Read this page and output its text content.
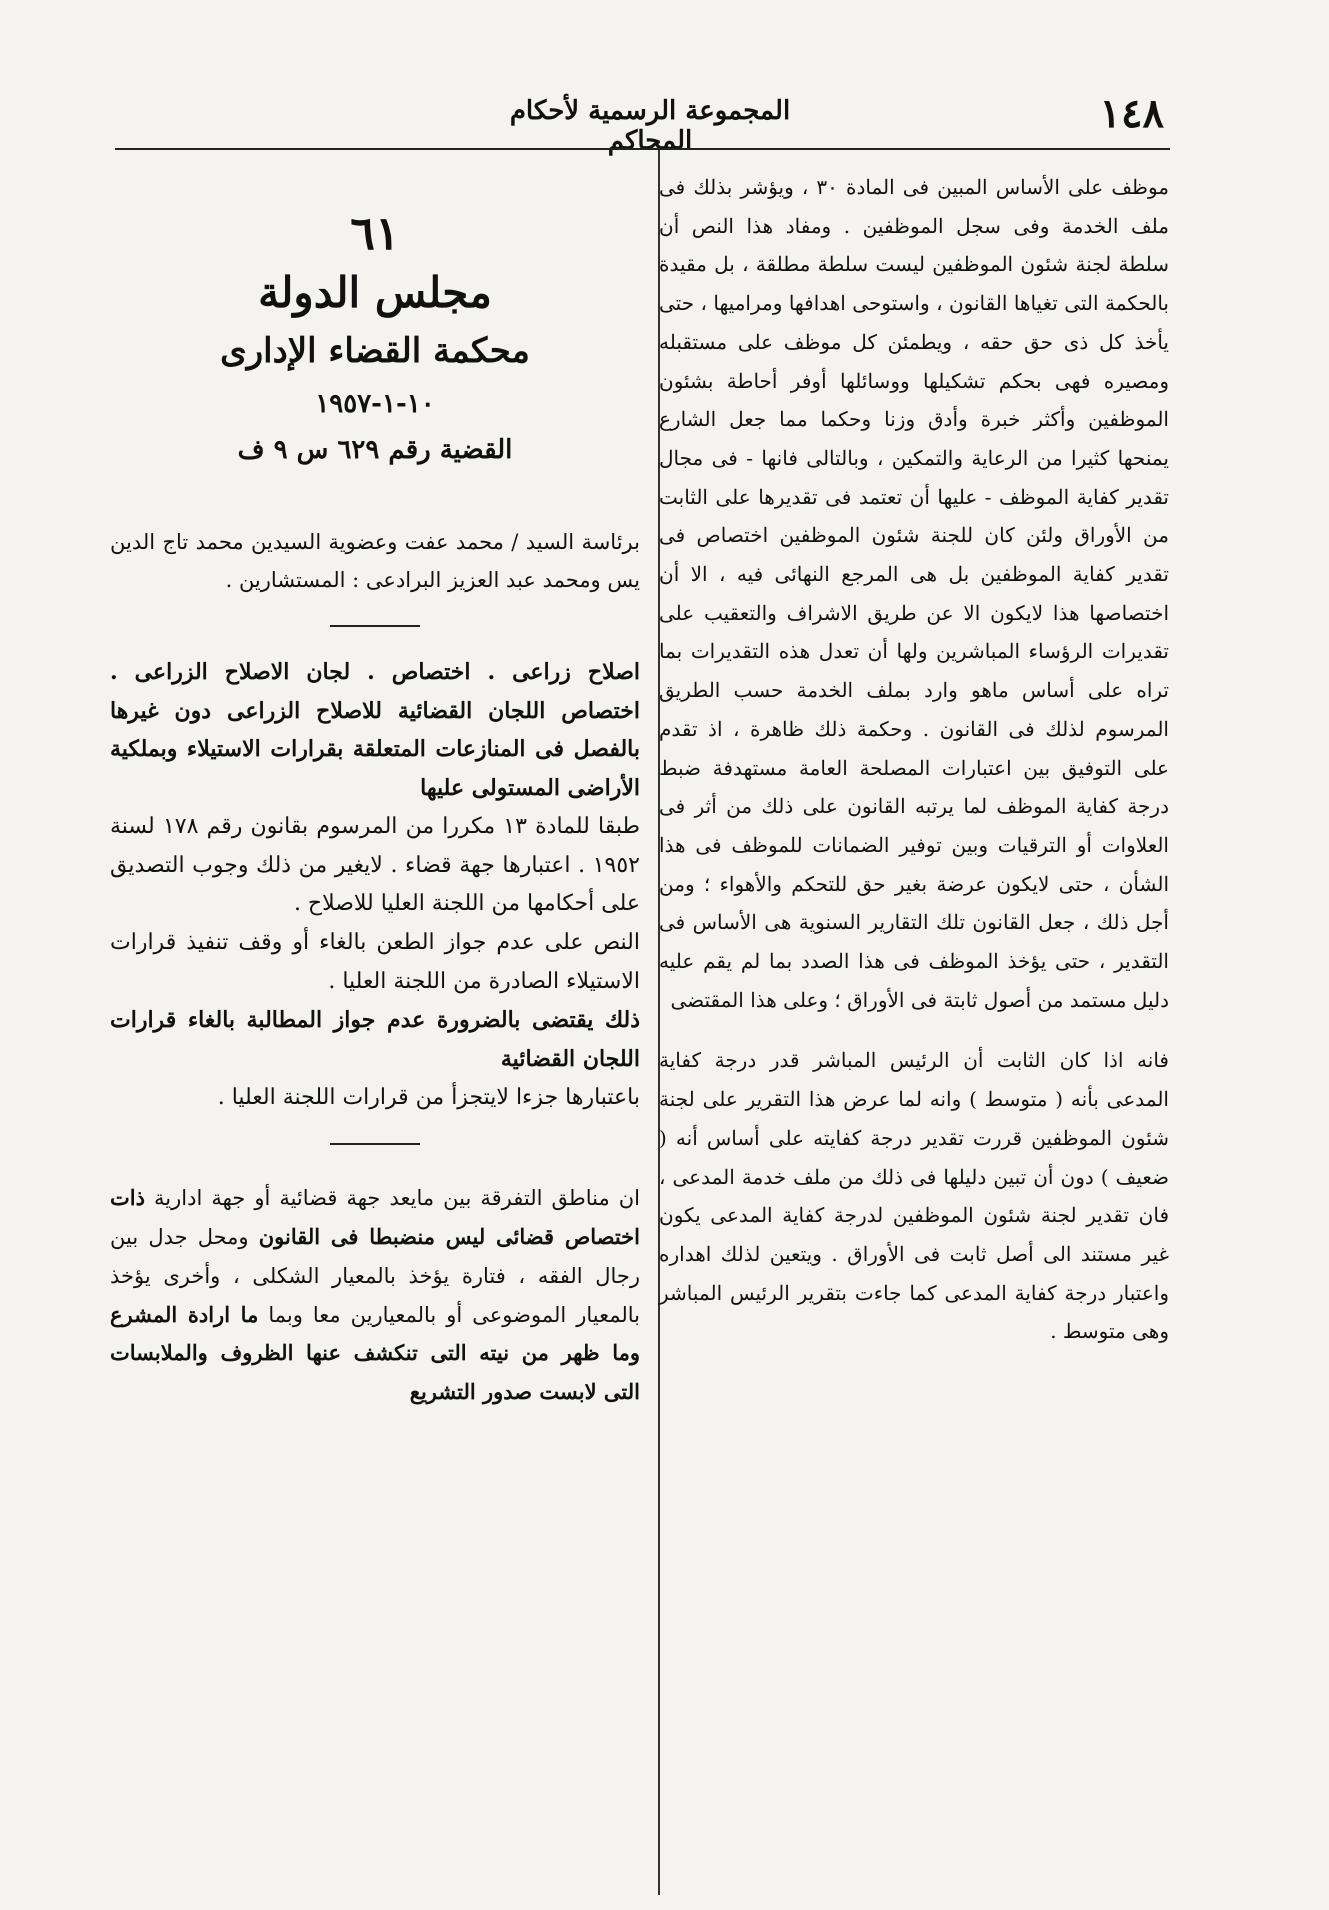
١٤٨
المجموعة الرسمية لأحكام المحاكم

موظف على الأساس المبين فى المادة ٣٠ ، ويؤشر بذلك فى ملف الخدمة وفى سجل الموظفين . ومفاد هذا النص أن سلطة لجنة شئون الموظفين ليست سلطة مطلقة ، بل مقيدة بالحكمة التى تغياها القانون ، واستوحى اهدافها ومراميها ، حتى يأخذ كل ذى حق حقه ، ويطمئن كل موظف على مستقبله ومصيره فهى بحكم تشكيلها ووسائلها أوفر أحاطة بشئون الموظفين وأكثر خبرة وأدق وزنا وحكما مما جعل الشارع يمنحها كثيرا من الرعاية والتمكين ، وبالتالى فانها - فى مجال تقدير كفاية الموظف - عليها أن تعتمد فى تقديرها على الثابت من الأوراق ولئن كان للجنة شئون الموظفين اختصاص فى تقدير كفاية الموظفين بل هى المرجع النهائى فيه ، الا أن اختصاصها هذا لايكون الا عن طريق الاشراف والتعقيب على تقديرات الرؤساء المباشرين ولها أن تعدل هذه التقديرات بما تراه على أساس ماهو وارد بملف الخدمة حسب الطريق المرسوم لذلك فى القانون . وحكمة ذلك ظاهرة ، اذ تقدم على التوفيق بين اعتبارات المصلحة العامة مستهدفة ضبط درجة كفاية الموظف لما يرتبه القانون على ذلك من أثر فى العلاوات أو الترقيات وبين توفير الضمانات للموظف فى هذا الشأن ، حتى لايكون عرضة بغير حق للتحكم والأهواء ؛ ومن أجل ذلك ، جعل القانون تلك التقارير السنوية هى الأساس فى التقدير ، حتى يؤخذ الموظف فى هذا الصدد بما لم يقم عليه دليل مستمد من أصول ثابتة فى الأوراق ؛ وعلى هذا المقتضى

فانه اذا كان الثابت أن الرئيس المباشر قدر درجة كفاية المدعى بأنه ( متوسط ) وانه لما عرض هذا التقرير على لجنة شئون الموظفين قررت تقدير درجة كفايته على أساس أنه ( ضعيف ) دون أن تبين دليلها فى ذلك من ملف خدمة المدعى ، فان تقدير لجنة شئون الموظفين لدرجة كفاية المدعى يكون غير مستند الى أصل ثابت فى الأوراق . ويتعين لذلك اهداره واعتبار درجة كفاية المدعى كما جاءت بتقرير الرئيس المباشر وهى متوسط .

٦١
مجلس الدولة
محكمة القضاء الإدارى
١٠-١-١٩٥٧
القضية رقم ٦٢٩ س ٩ ف
برئاسة السيد / محمد عفت وعضوية السيدين محمد تاج الدين يس ومحمد عبد العزيز البرادعى : المستشارين .

اصلاح زراعى . اختصاص . لجان الاصلاح الزراعى . اختصاص اللجان القضائية للاصلاح الزراعى دون غيرها بالفصل فى المنازعات المتعلقة بقرارات الاستيلاء وبملكية الأراضى المستولى عليها

طبقا للمادة ١٣ مكررا من المرسوم بقانون رقم ١٧٨ لسنة ١٩٥٢ . اعتبارها جهة قضاء . لايغير من ذلك وجوب التصديق على أحكامها من اللجنة العليا للاصلاح .

النص على عدم جواز الطعن بالغاء أو وقف تنفيذ قرارات الاستيلاء الصادرة من اللجنة العليا .

ذلك يقتضى بالضرورة عدم جواز المطالبة بالغاء قرارات اللجان القضائية

باعتبارها جزءا لايتجزأ من قرارات اللجنة العليا .

ان مناطق التفرقة بين مايعد جهة قضائية أو جهة ادارية ذات اختصاص قضائى ليس منضبطا فى القانون ومحل جدل بين رجال الفقه ، فتارة يؤخذ بالمعيار الشكلى ، وأخرى يؤخذ بالمعيار الموضوعى أو بالمعيارين معا وبما ما ارادة المشرع وما ظهر من نيته التى تنكشف عنها الظروف والملابسات التى لابست صدور التشريع
